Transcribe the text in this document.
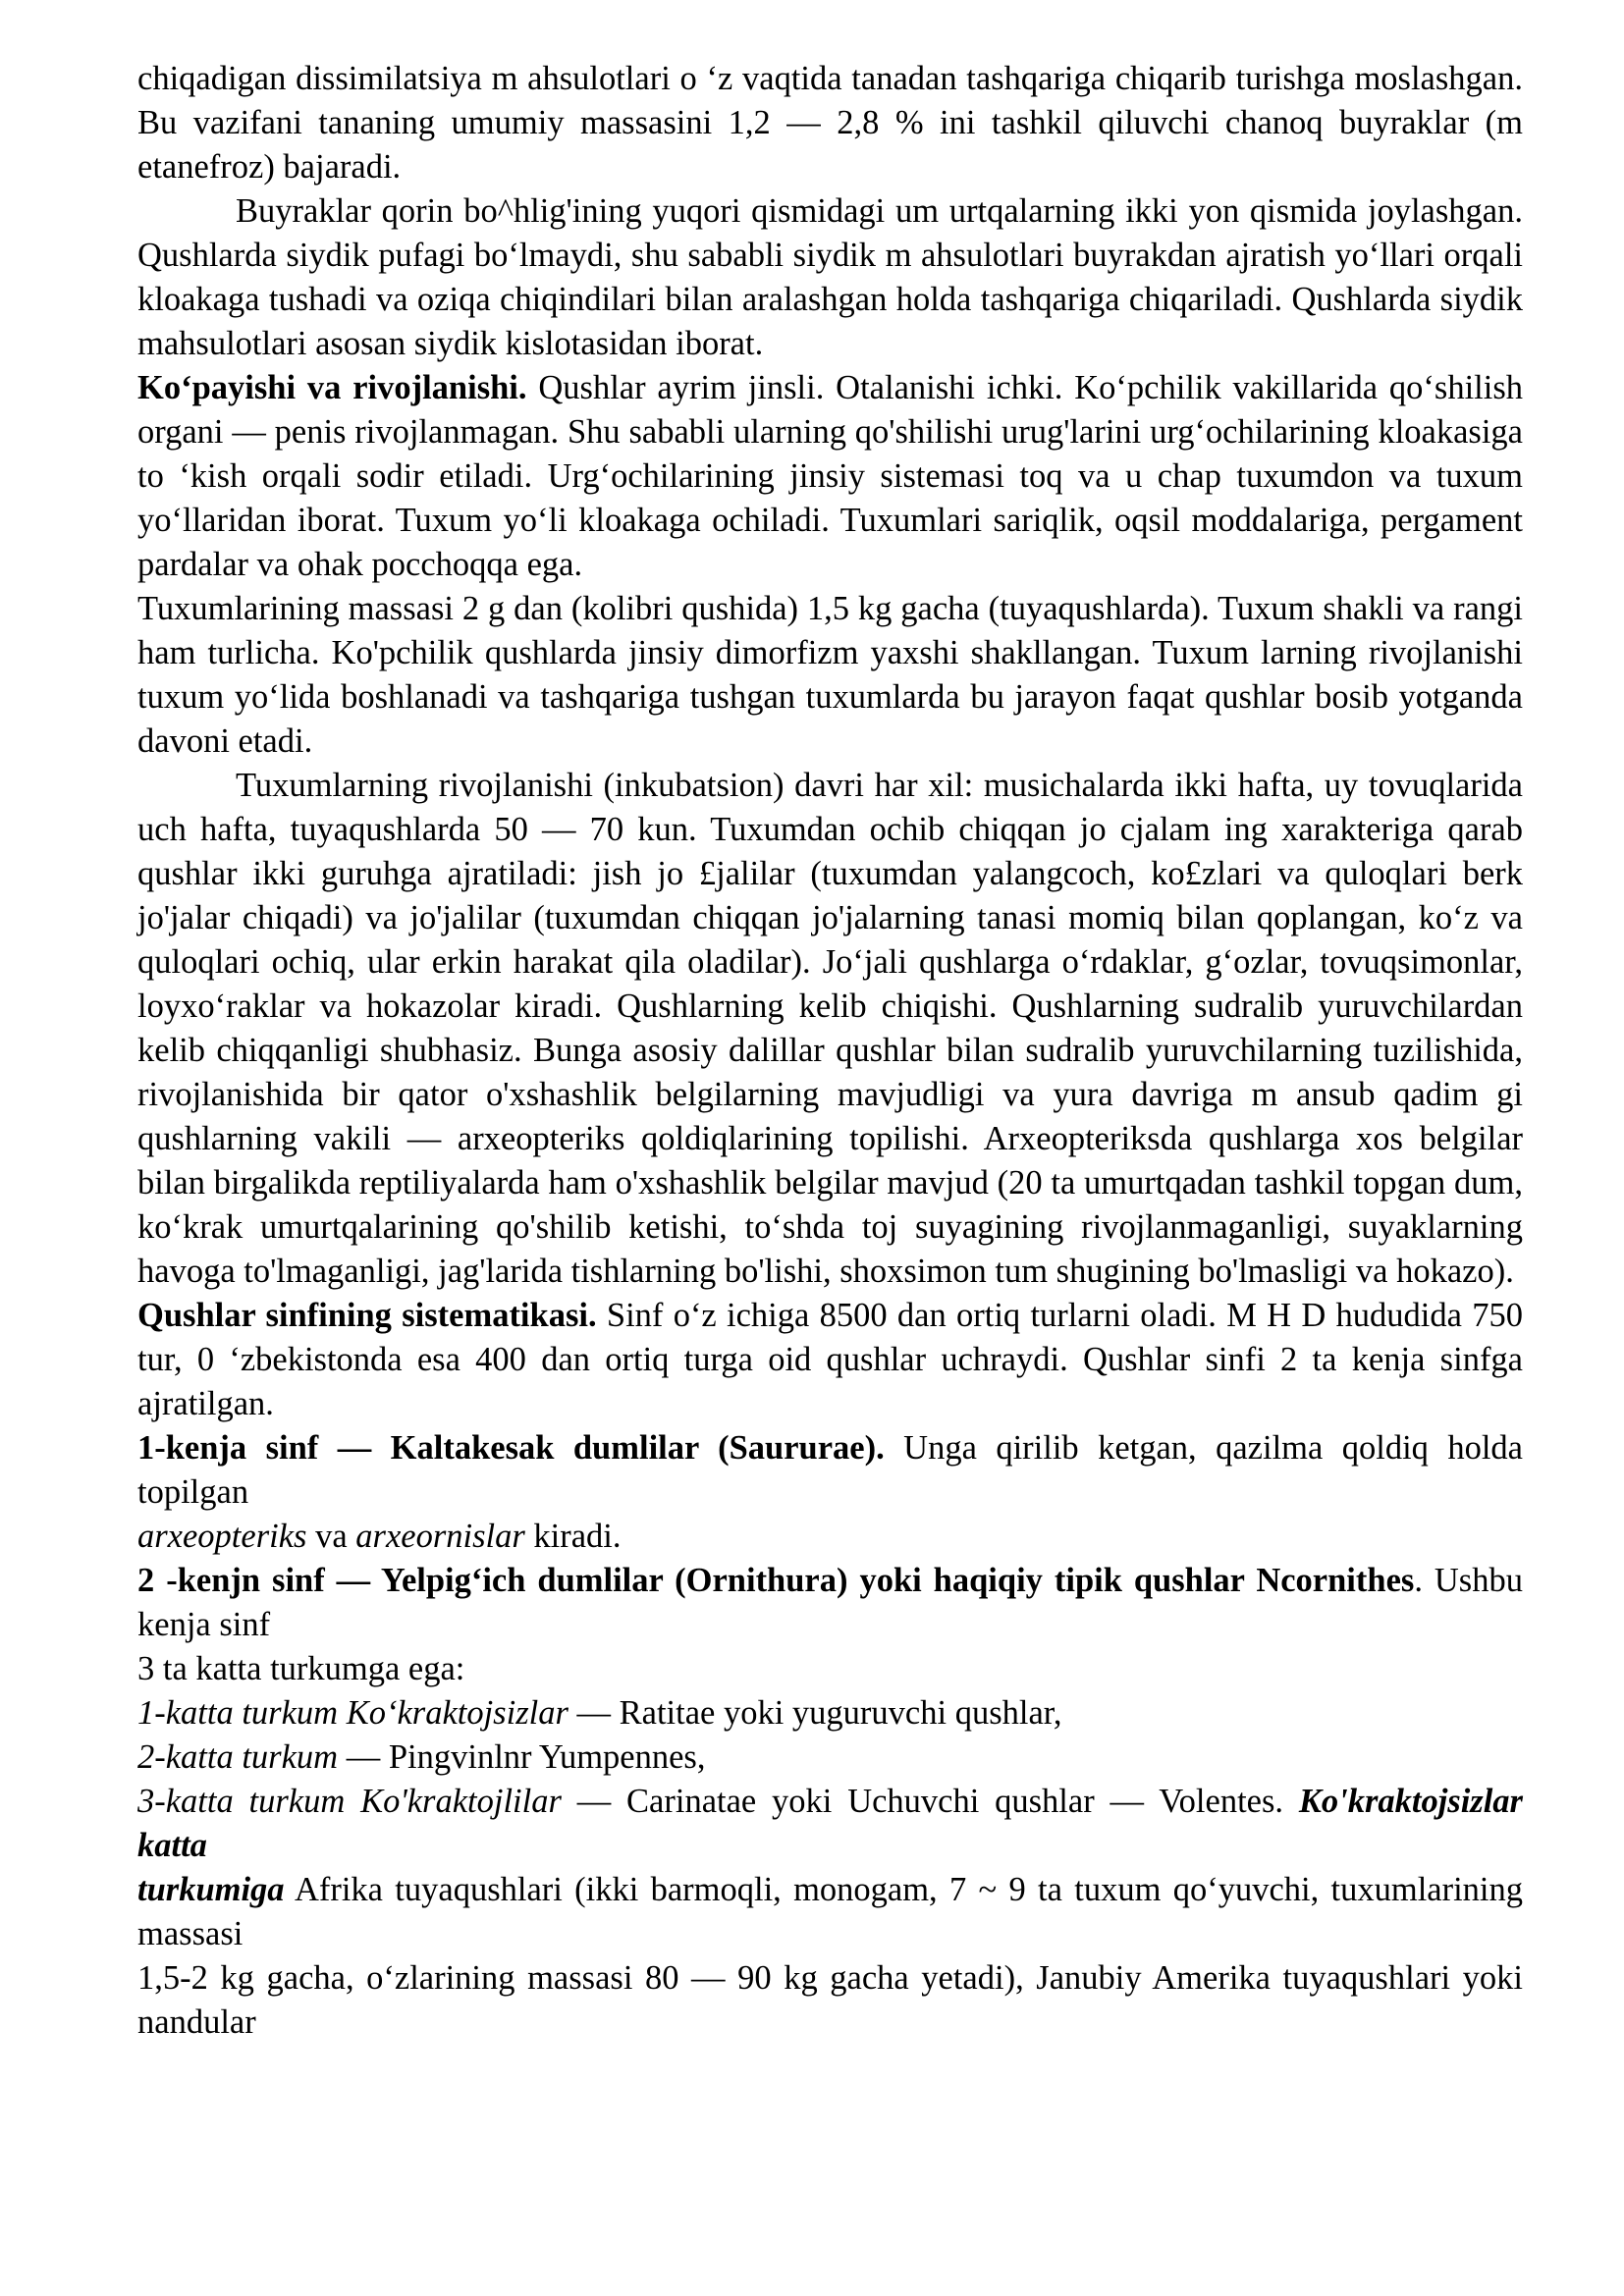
chiqadigan dissimilatsiya m ahsulotlari o ‘z vaqtida tanadan tashqariga chiqarib turishga moslashgan. Bu vazifani tananing umumiy massasini 1,2 — 2,8 % ini tashkil qiluvchi chanoq buyraklar (m etanefroz) bajaradi.

Buyraklar qorin bo^hlig'ining yuqori qismidagi um urtqalarning ikki yon qismida joylashgan. Qushlarda siydik pufagi bo‘lmaydi, shu sababli siydik m ahsulotlari buyrakdan ajratish yo‘llari orqali kloakaga tushadi va oziqa chiqindilari bilan aralashgan holda tashqariga chiqariladi. Qushlarda siydik mahsulotlari asosan siydik kislotasidan iborat.

Ko‘payishi va rivojlanishi. Qushlar ayrim jinsli. Otalanishi ichki. Ko‘pchilik vakillarida qo‘shilish organi — penis rivojlanmagan. Shu sababli ularning qo'shilishi urug'larini urg‘ochilarining kloakasiga to ‘kish orqali sodir etiladi. Urg‘ochilarining jinsiy sistemasi toq va u chap tuxumdon va tuxum yo‘llaridan iborat. Tuxum yo‘li kloakaga ochiladi. Tuxumlari sariqlik, oqsil moddalariga, pergament pardalar va ohak pocchoqqa ega.

Tuxumlarining massasi 2 g dan (kolibri qushida) 1,5 kg gacha (tuyaqushlarda). Tuxum shakli va rangi ham turlicha. Ko'pchilik qushlarda jinsiy dimorfizm yaxshi shakllangan. Tuxum larning rivojlanishi tuxum yo‘lida boshlanadi va tashqariga tushgan tuxumlarda bu jarayon faqat qushlar bosib yotganda davoni etadi.

Tuxumlarning rivojlanishi (inkubatsion) davri har xil: musichalarda ikki hafta, uy tovuqlarida uch hafta, tuyaqushlarda 50 — 70 kun. Tuxumdan ochib chiqqan jo cjalam ing xarakteriga qarab qushlar ikki guruhga ajratiladi: jish jo £jalilar (tuxumdan yalangcoch, ko£zlari va quloqlari berk jo'jalar chiqadi) va jo'jalilar (tuxumdan chiqqan jo'jalarning tanasi momiq bilan qoplangan, ko‘z va quloqlari ochiq, ular erkin harakat qila oladilar). Jo‘jali qushlarga o‘rdaklar, g‘ozlar, tovuqsimonlar, loyxo‘raklar va hokazolar kiradi. Qushlarning kelib chiqishi. Qushlarning sudralib yuruvchilardan kelib chiqqanligi shubhasiz. Bunga asosiy dalillar qushlar bilan sudralib yuruvchilarning tuzilishida, rivojlanishida bir qator o'xshashlik belgilarning mavjudligi va yura davriga m ansub qadim gi qushlarning vakili — arxeopteriks qoldiqlarining topilishi. Arxeopteriksda qushlarga xos belgilar bilan birgalikda reptiliyalarda ham o'xshashlik belgilar mavjud (20 ta umurtqadan tashkil topgan dum, ko‘krak umurtqalarining qo'shilib ketishi, to‘shda toj suyagining rivojlanmaganligi, suyaklarning havoga to'lmaganligi, jag'larida tishlarning bo'lishi, shoxsimon tum shugining bo'lmasligi va hokazo).

Qushlar sinfining sistematikasi. Sinf o‘z ichiga 8500 dan ortiq turlarni oladi. M H D hududida 750 tur, 0 ‘zbekistonda esa 400 dan ortiq turga oid qushlar uchraydi. Qushlar sinfi 2 ta kenja sinfga ajratilgan.

1-kenja sinf — Kaltakesak dumlilar (Saururae). Unga qirilib ketgan, qazilma qoldiq holda topilgan

arxeopteriks va arxeornislar kiradi.

2 -kenjn sinf — Yelpig‘ich dumlilar (Ornithura) yoki haqiqiy tipik qushlar Ncornithes. Ushbu kenja sinf

3 ta katta turkumga ega:

1-katta turkum Ko‘kraktojsizlar — Ratitae yoki yuguruvchi qushlar,

2-katta turkum — Pingvinlnr Yumpennes,

3-katta turkum Ko'kraktojlilar — Carinatae yoki Uchuvchi qushlar — Volentes. Ko'kraktojsizlar katta

turkumiga Afrika tuyaqushlari (ikki barmoqli, monogam, 7 ~ 9 ta tuxum qo‘yuvchi, tuxumlarining massasi

1,5-2 kg gacha, o‘zlarining massasi 80 — 90 kg gacha yetadi), Janubiy Amerika tuyaqushlari yoki nandular
